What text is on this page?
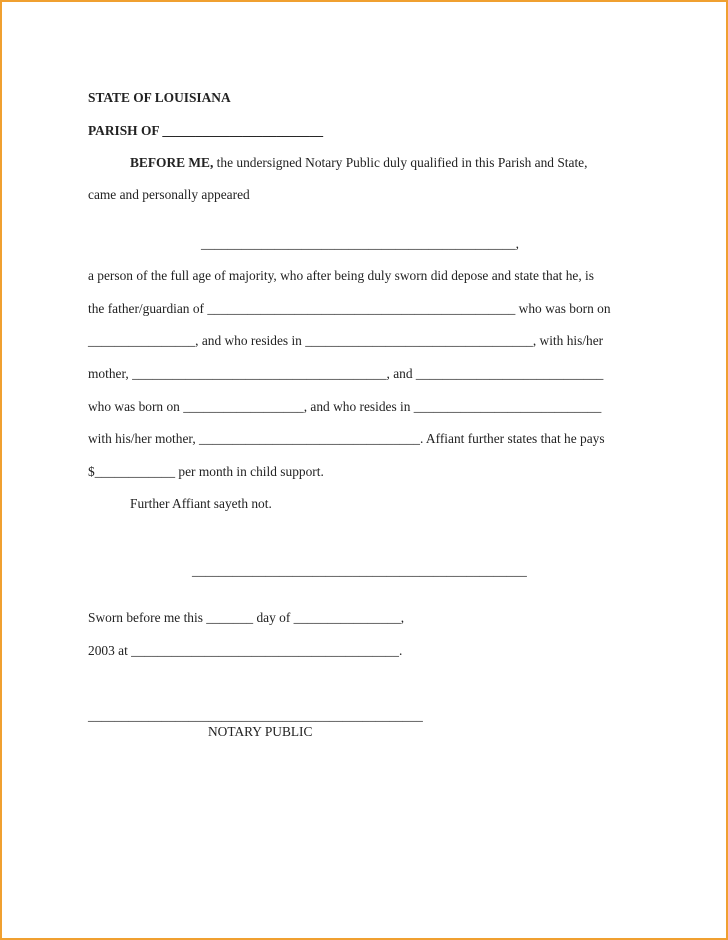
STATE OF LOUISIANA
PARISH OF ________________________
BEFORE ME, the undersigned Notary Public duly qualified in this Parish and State,
came and personally appeared
_______________________________________________,
a person of the full age of majority, who after being duly sworn did depose and state that he, is
the father/guardian of ______________________________________________ who was born on
________________, and who resides in __________________________________, with his/her
mother, ______________________________________, and ____________________________
who was born on __________________, and who resides in ____________________________
with his/her mother, _________________________________. Affiant further states that he pays
$____________ per month in child support.
Further Affiant sayeth not.
__________________________________________________
Sworn before me this _______ day of ________________,
2003 at ________________________________________.
__________________________________________________
NOTARY PUBLIC
